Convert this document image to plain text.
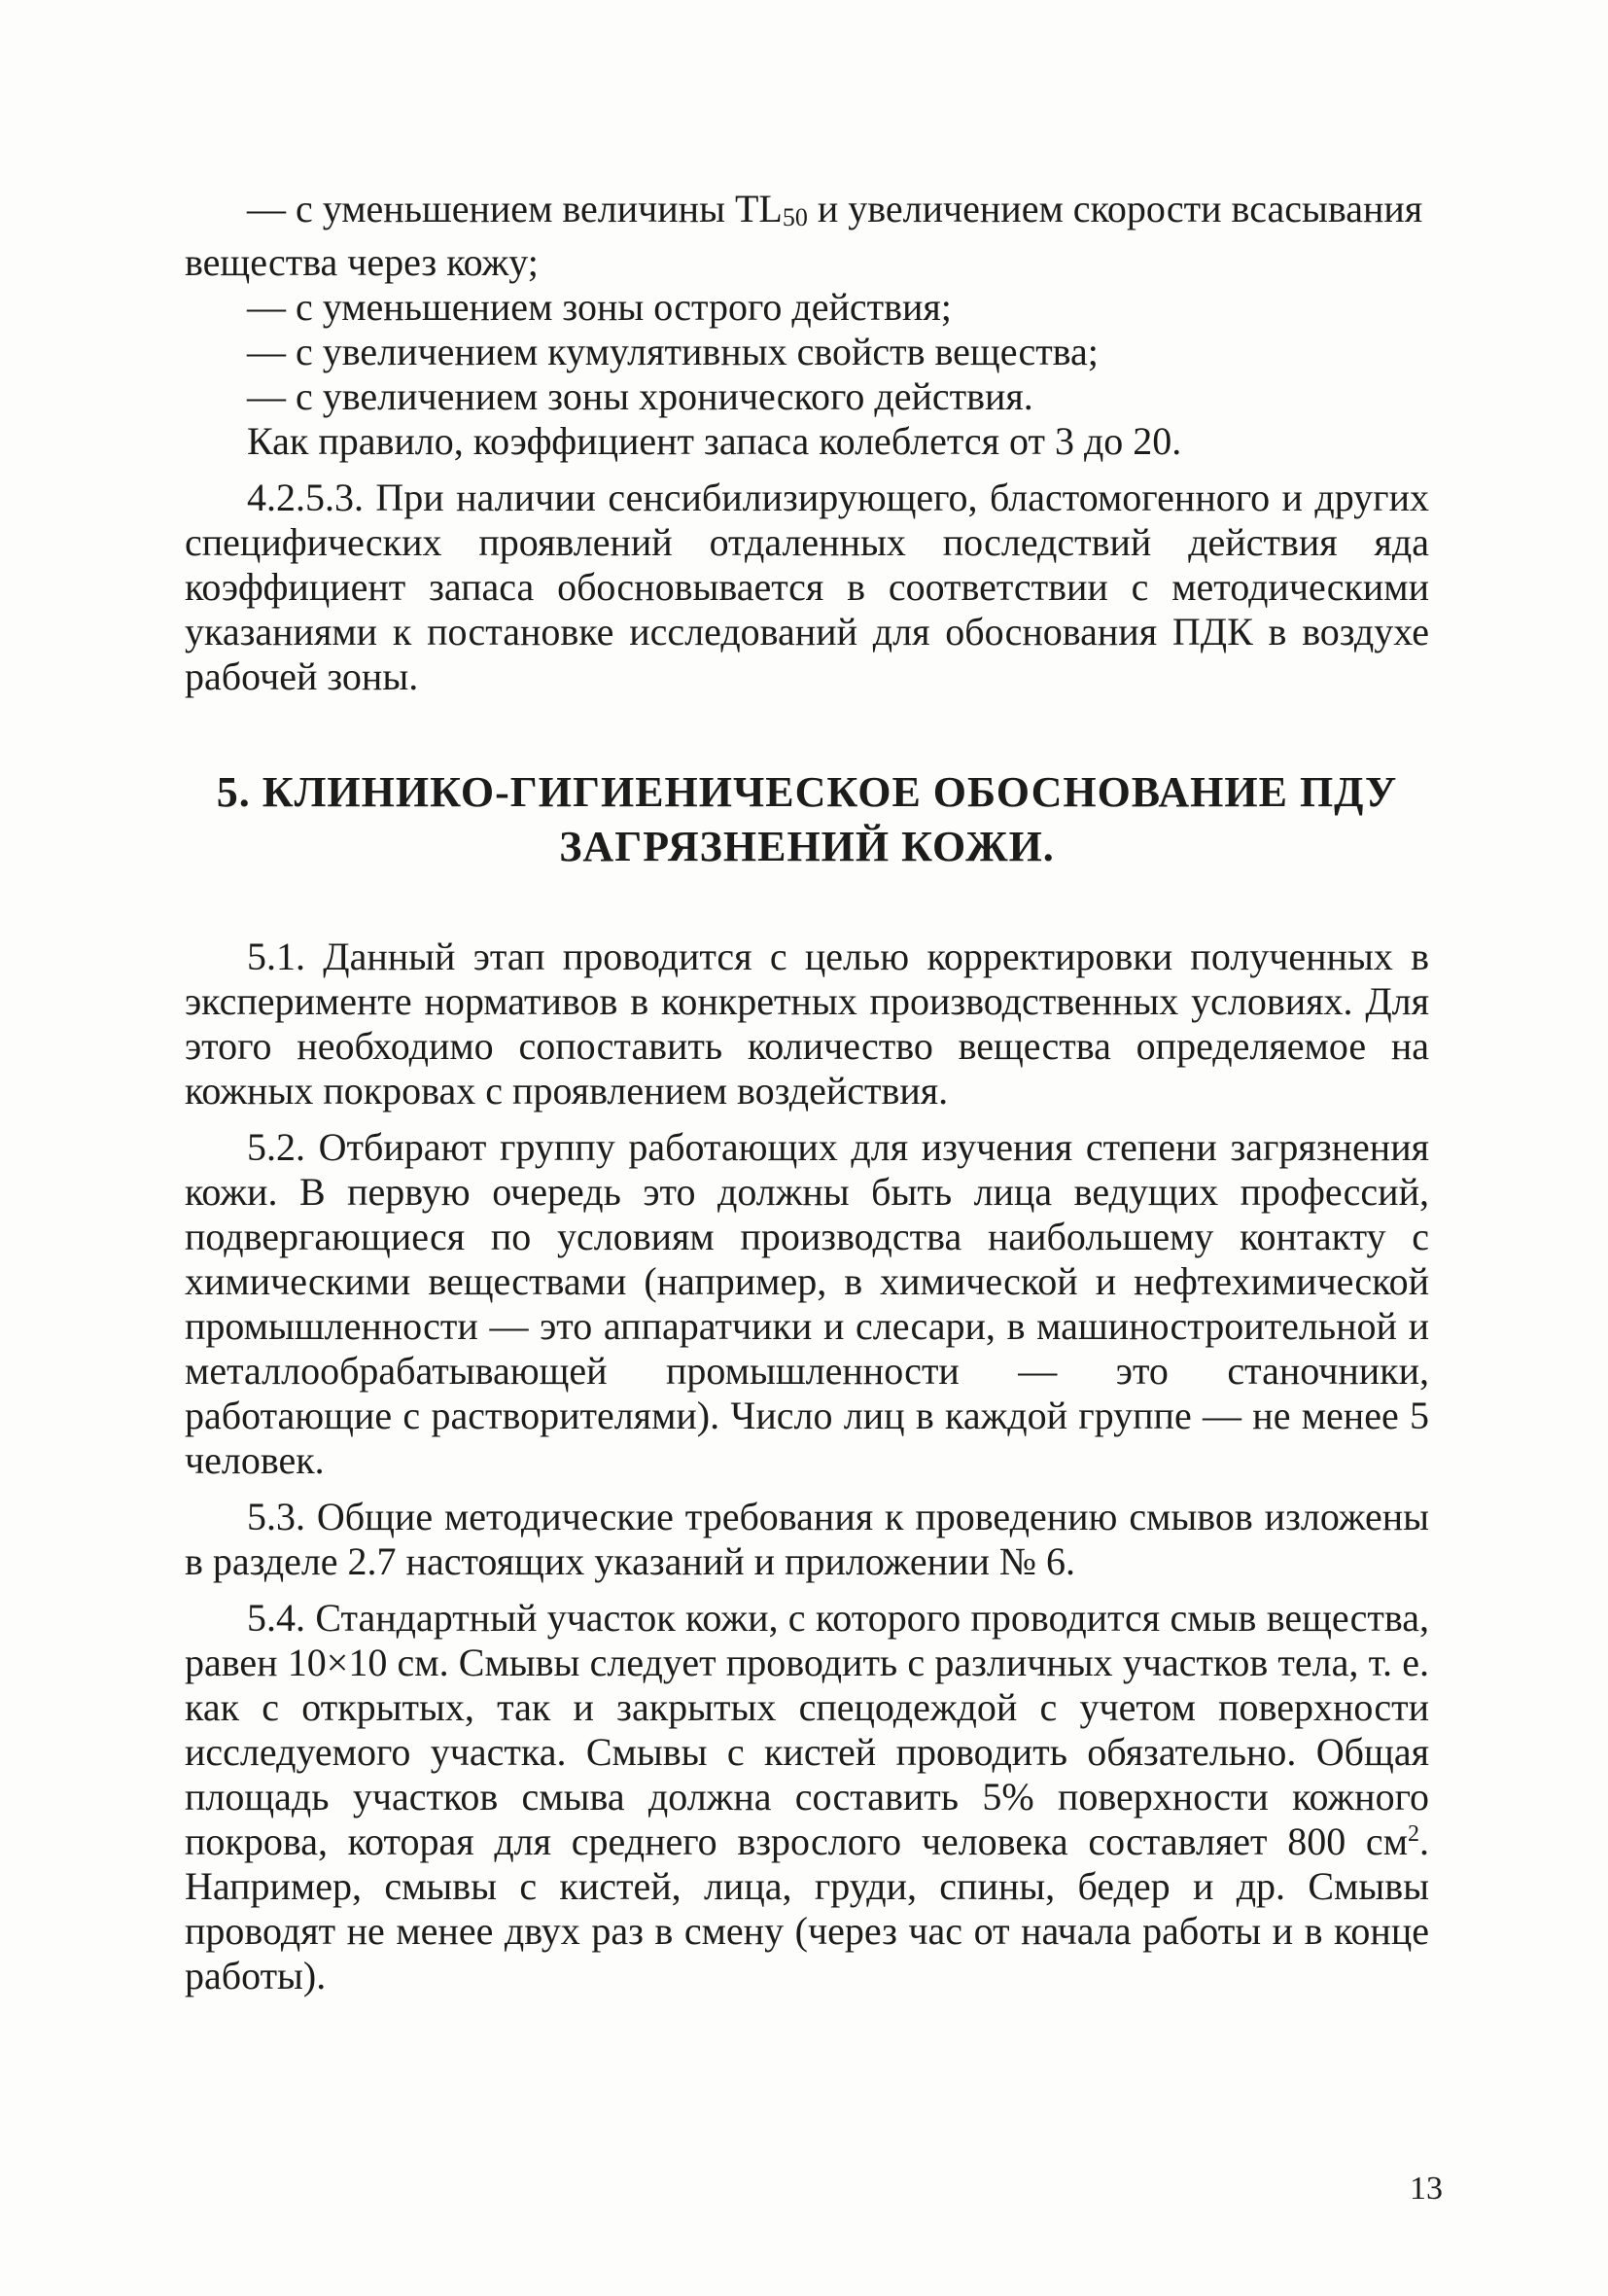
— с уменьшением величины $TL_{50}$ и увеличением скорости всасывания вещества через кожу;

— с уменьшением зоны острого действия;

— с увеличением кумулятивных свойств вещества;

— с увеличением зоны хронического действия.

Как правило, коэффициент запаса колеблется от 3 до 20.

4.2.5.3. При наличии сенсибилизирующего, бластомогенного и других специфических проявлений отдаленных последствий действия яда коэффициент запаса обосновывается в соответствии с методическими указаниями к постановке исследований для обоснования ПДК в воздухе рабочей зоны.

5. КЛИНИКО-ГИГИЕНИЧЕСКОЕ ОБОСНОВАНИЕ ПДУ
ЗАГРЯЗНЕНИЙ КОЖИ.

5.1. Данный этап проводится с целью корректировки полученных в эксперименте нормативов в конкретных производственных условиях. Для этого необходимо сопоставить количество вещества определяемое на кожных покровах с проявлением воздействия.

5.2. Отбирают группу работающих для изучения степени загрязнения кожи. В первую очередь это должны быть лица ведущих профессий, подвергающиеся по условиям производства наибольшему контакту с химическими веществами (например, в химической и нефтехимической промышленности — это аппаратчики и слесари, в машиностроительной и металлообрабатывающей промышленности — это станочники, работающие с растворителями). Число лиц в каждой группе — не менее 5 человек.

5.3. Общие методические требования к проведению смывов изложены в разделе 2.7 настоящих указаний и приложении № 6.

5.4. Стандартный участок кожи, с которого проводится смыв вещества, равен 10×10 см. Смывы следует проводить с различных участков тела, т. е. как с открытых, так и закрытых спецодеждой с учетом поверхности исследуемого участка. Смывы с кистей проводить обязательно. Общая площадь участков смыва должна составить 5% поверхности кожного покрова, которая для среднего взрослого человека составляет 800 $см^2$. Например, смывы с кистей, лица, груди, спины, бедер и др. Смывы проводят не менее двух раз в смену (через час от начала работы и в конце работы).

13
